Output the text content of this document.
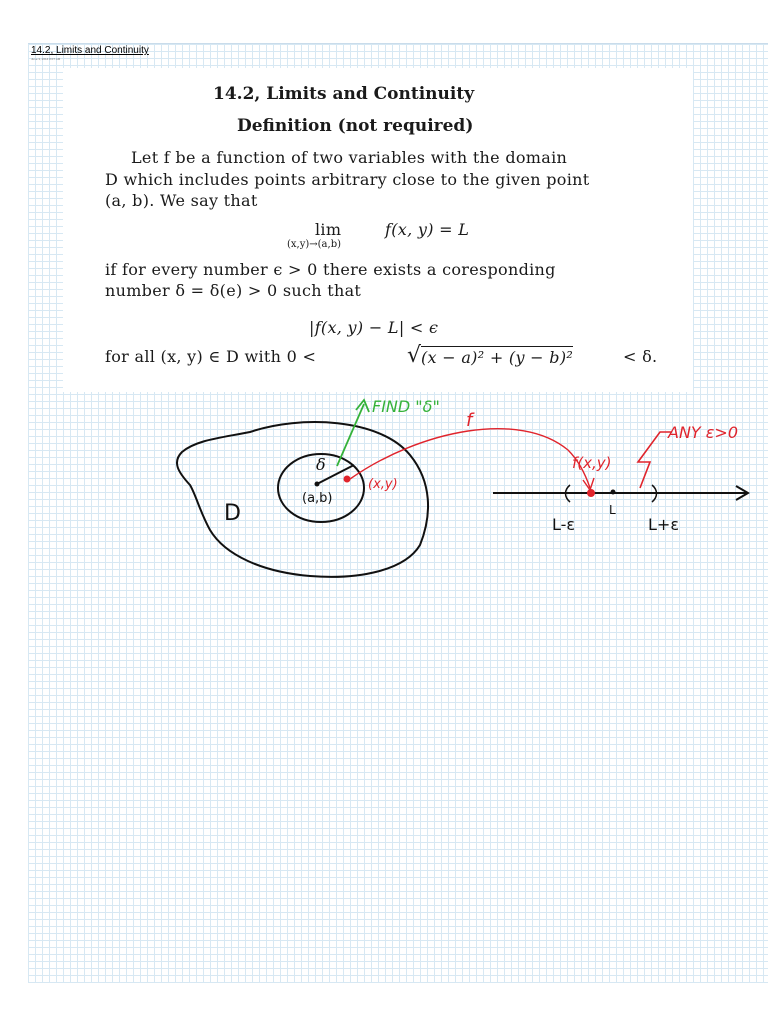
14.2, Limits and Continuity
June 3, 2014 8:07 AM
14.2, Limits and Continuity
Definition (not required)
Let f be a function of two variables with the domain
D which includes points arbitrary close to the given point
(a, b). We say that
lim
(x,y)→(a,b)
f(x, y) = L
if for every number ϵ > 0 there exists a coresponding
number δ = δ(e) > 0 such that
|f(x, y) − L| < ϵ
for all (x, y) ∈ D with 0 <	√ (x − a)² + (y − b)²	< δ.
FIND "δ"
f
δ
(x,y)
(a,b)
D	L
L-ε	L+ε
f(x,y)
ANY ε>0
